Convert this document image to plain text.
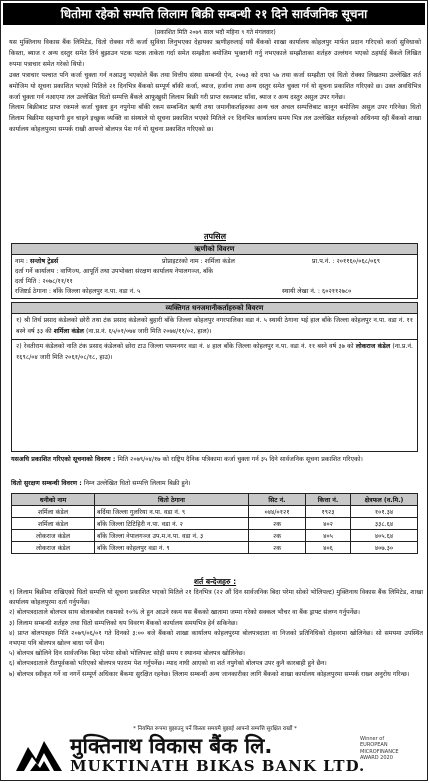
धितोमा रहेको सम्पत्ति लिलाम बिक्री सम्बन्धी २१ दिने सार्वजनिक सूचना
(प्रकाशित मिति २०७९ साल भदौ महिना ९ गते मंगलवार)

यस मुक्तिनाथ विकास बैंक लिमिटेड, धितो रोक्का गरी कर्जा सुविधा लिनुभएका देहायका ऋणीहरुलाई यसै बैंकको शाखा कार्यालय कोहलपुर मार्फत प्रदान गरिएको कर्जा सुविधाको किस्ता, ब्याज र अन्य दस्तुर समेत तिर्न बुझाउन पटक पटक ताकेता गर्दा समेत सम्झौता बमोजिम भुक्तानी गर्नु नभएकाले सम्झौताका शर्तहरु उल्लंघन भएको ठहर्याई बैंकले लिखित रुपमा पत्राचार समेत गरेको थियो।

उक्त पत्राचार पश्चात पनि कर्जा चुक्ता गर्न नआउनु भएकोले बैंक तथा वित्तीय संस्था सम्बन्धी ऐन, २०७३ को दफा ५७ तथा कर्जा सम्झौता एवं धितो रोक्का लिखतमा उल्लेखित शर्त बमोजिम यो सूचना प्रकाशित भएको मितिले २१ दिनभित्र बैंकको सम्पूर्ण बाँकी कर्जा, ब्याज, हर्जाना तथा अन्य दस्तुर समेत चुक्ता गर्न यो सूचना प्रकाशित गरिएको छ। उक्त अवधिभित्र कर्जा चुक्ता गर्न नआएमा तल उल्लेखित धितो सम्पत्ति बैंकले आफूखुसी लिलाम बिक्री गरी प्राप्त रकमबाट साँवा, ब्याज र अन्य दस्तुर असुल उपर गर्नेछ।

लिलाम बिक्रीबाट प्राप्त रकमले कर्जा चुक्ता हुन नपुगेमा बाँकी रकम सम्बन्धित ऋणी तथा जमानीकर्ताहरुका अन्य चल अचल सम्पत्तिबाट कानून बमोजिम असुल उपर गरिनेछ। धितो लिलाम बिक्रीमा सहभागी हुन चाहने इच्छुक व्यक्ति वा संस्थाले यो सूचना प्रकाशित भएको मितिले २१ दिनभित्र कार्यालय समय भित्र तल उल्लेखित शर्तहरुको अधिनमा रही बैंकको शाखा कार्यालय कोहलपुरमा सम्पर्क राखी आफ्नो बोलपत्र पेश गर्न यो सूचना प्रकाशित गरिएको छ।

तपसिल
ऋणीको विवरण
नाम : सन्तोष ट्रेडर्स	प्रोप्राइटरको नाम : शर्मिला कंडेल	प्रा.प.नं. : २०११६०/०६८/०६९
दर्ता गर्ने कार्यालय : वाणिज्य, आपूर्ति तथा उपभोक्ता संरक्षण कार्यालय नेपालगञ्ज, बाँके
दर्ता मिति : २०७८/११/११
रजिष्टर्ड ठेगाना : बाँके जिल्ला कोहलपुर न.पा. वडा नं. ५	स्थायी लेखा नं. : ६०२११२७८०
व्यक्तिगत धनजमानीकर्ताहरुको विवरण
१) श्री तिर्थ प्रसाद कंडेलको छोरी तथा टंक प्रसाद कंडेलको बुहारी बाँके जिल्ला कोहलपुर नगरपालिका वडा नं. ५ स्थायी ठेगाना भई हाल बाँके जिल्ला कोहलपुर न.पा. वडा नं. ११ बस्ने वर्ष ३३ की शर्मिला कंडेल (ना.प्र.नं. ६५/०१/०७४ जारी मिति २०७४/११/०२, हाल)।
२) रेवतीराम कंडेलको नाति टंक प्रसाद कंडेलको छोरा टाउ जिल्ला पथमनगर वडा नं. ४ हाल बाँके जिल्ला कोहलपुर न.पा. वडा नं. ११ बस्ने वर्ष ३७ को लोकराज कंडेल (ना.प्र.नं. १६९८/०४ जारी मिति २०६१/०८/१८, हाउ)।
यसअघि प्रकाशित गरिएको सूचनाको विवरण : मिति २०७९/०४/१७ को राष्ट्रिय दैनिक पत्रिकामा कर्जा चुक्ता गर्न ३५ दिने सार्वजनिक सूचना प्रकाशित गरिएको।
धितो सुरक्षण सम्बन्धी विवरण : निम्न उल्लेखित धितो सम्पत्ति लिलाम बिक्री हुने।
धनीको नाम	धितो ठेगाना	सिट नं.	कित्ता नं.	क्षेत्रफल (व.मि.)
शर्मिला कंडेल	बर्दिया जिल्ला गुलरिया न.पा. वडा नं. ९	०४४/०१२१	१९२३	१०१.३४
शर्मिला कंडेल	बाँके जिल्ला टिटिहिरी न.पा. वडा नं. २	२क	४०२	३३८.६४
लोकराज कंडेल	बाँके जिल्ला नेपालगञ्ज उप.म.न.पा. वडा नं. ३	२क	४०५	४०५.६४
लोकराज कंडेल	बाँके जिल्ला कोहलपुर वडा नं. ९	२क	४०६	४०७.३०
शर्त बन्देजहरु :
१) लिलाम बिक्रीमा राखिएको धितो सम्पत्ति यो सूचना प्रकाशित भएको मितिले २१ दिनभित्र (२२ औं दिन सार्वजनिक बिदा परेमा सोको भोलिपल्ट) मुक्तिनाथ विकास बैंक लिमिटेड, शाखा कार्यालय कोहलपुरमा दर्ता गर्नुपर्नेछ।
२) बोलपत्रदाताले बोलपत्र साथ बोलकबोल रकमको १०% ले हुन आउने रकम यस बैंकको खातामा जम्मा गरेको सक्कल भौचर वा बैंक ड्राफ्ट संलग्न गर्नुपर्नेछ।
३) लिलाम सम्बन्धी शर्तहरु तथा धितो सम्पत्तिको थप विवरण बैंकको कार्यालय समयभित्र हेर्न सकिनेछ।
४) प्राप्त बोलपत्रहरु मिति २०७९/०६/०१ गते दिनको ३:०० बजे बैंकको शाखा कार्यालय कोहलपुरमा बोलपत्रदाता वा निजको प्रतिनिधिको रोहवरमा खोलिनेछ। सो समयमा उपस्थित नभएमा पनि बोलपत्र खोल्न बाधा पर्ने छैन।
५) बोलपत्र खोलिने दिन सार्वजनिक बिदा परेमा सोको भोलिपल्ट सोही समय र स्थानमा बोलपत्र खोलिनेछ।
६) बोलपत्रदाताले रीतपूर्वकको भरिएको बोलपत्र फाराम पेश गर्नुपर्नेछ। म्याद नाघी आएको वा शर्त नपुगेको बोलपत्र उपर कुनै कारबाही हुने छैन।
७) बोलपत्र स्वीकृत गर्ने वा नगर्ने सम्पूर्ण अधिकार बैंकमा सुरक्षित रहनेछ। लिलाम सम्बन्धी अन्य जानकारीका लागि बैंकको शाखा कार्यालय कोहलपुरमा सम्पर्क राख्न अनुरोध गरिन्छ।
* नियमित रूपमा बुझाउनु पर्ने किस्ता समयमै बुझाई आफ्नो सम्पत्ति सुरक्षित राखौं *
मुक्तिनाथ विकास बैंक लि.
MUKTINATH BIKAS BANK LTD.
Winner of
EUROPEAN
MICROFINANCE
AWARD 2020
